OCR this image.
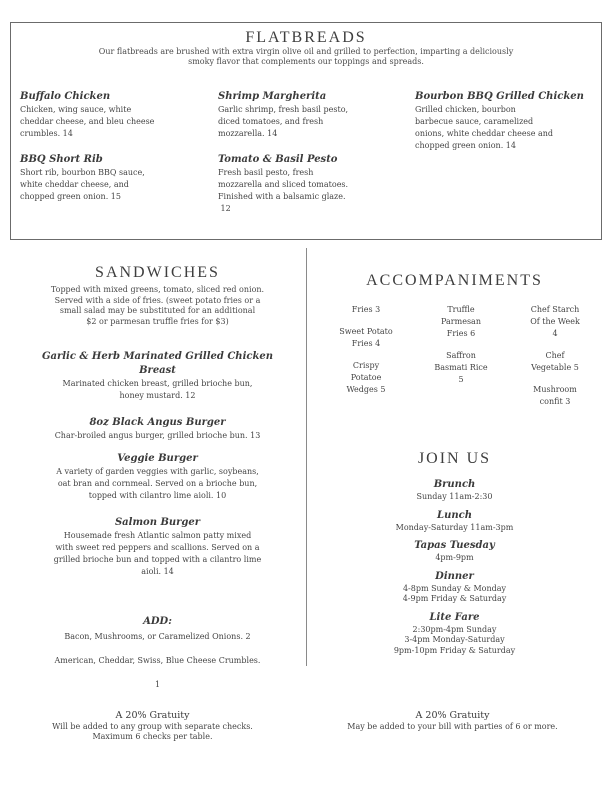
FLATBREADS
Our flatbreads are brushed with extra virgin olive oil and grilled to perfection, imparting a deliciously
smoky flavor that complements our toppings and spreads.
Buffalo Chicken
Chicken, wing sauce, white
cheddar cheese, and bleu cheese
crumbles. 14
Shrimp Margherita
Garlic shrimp, fresh basil pesto,
diced tomatoes, and fresh
mozzarella. 14
Bourbon BBQ Grilled Chicken
Grilled chicken, bourbon
barbecue sauce, caramelized
onions, white cheddar cheese and
chopped green onion. 14
BBQ Short Rib
Short rib, bourbon BBQ sauce,
white cheddar cheese, and
chopped green onion. 15
Tomato & Basil Pesto
Fresh basil pesto, fresh
mozzarella and sliced tomatoes.
Finished with a balsamic glaze.
12
SANDWICHES
Topped with mixed greens, tomato, sliced red onion.
Served with a side of fries. (sweet potato fries or a
small salad may be substituted for an additional
$2 or parmesan truffle fries for $3)
Garlic & Herb Marinated Grilled Chicken
Breast
Marinated chicken breast, grilled brioche bun,
honey mustard. 12
8oz Black Angus Burger
Char-broiled angus burger, grilled brioche bun. 13
Veggie Burger
A variety of garden veggies with garlic, soybeans,
oat bran and cornmeal. Served on a brioche bun,
topped with cilantro lime aioli. 10
Salmon Burger
Housemade fresh Atlantic salmon patty mixed
with sweet red peppers and scallions. Served on a
grilled brioche bun and topped with a cilantro lime
aioli. 14
ADD:
Bacon, Mushrooms, or Caramelized Onions. 2
American, Cheddar, Swiss, Blue Cheese Crumbles.
1
ACCOMPANIMENTS
Fries 3
Sweet Potato
Fries 4
Crispy
Potatoe
Wedges 5
Truffle
Parmesan
Fries 6
Saffron
Basmati Rice
5
Chef Starch
Of the Week
4
Chef
Vegetable 5
Mushroom
confit 3
JOIN US
Brunch
Sunday 11am-2:30
Lunch
Monday-Saturday 11am-3pm
Tapas Tuesday
4pm-9pm
Dinner
4-8pm Sunday & Monday
4-9pm Friday & Saturday
Lite Fare
2:30pm-4pm Sunday
3-4pm Monday-Saturday
9pm-10pm Friday & Saturday
A 20% Gratuity
Will be added to any group with separate checks.
Maximum 6 checks per table.
A 20% Gratuity
May be added to your bill with parties of 6 or more.
